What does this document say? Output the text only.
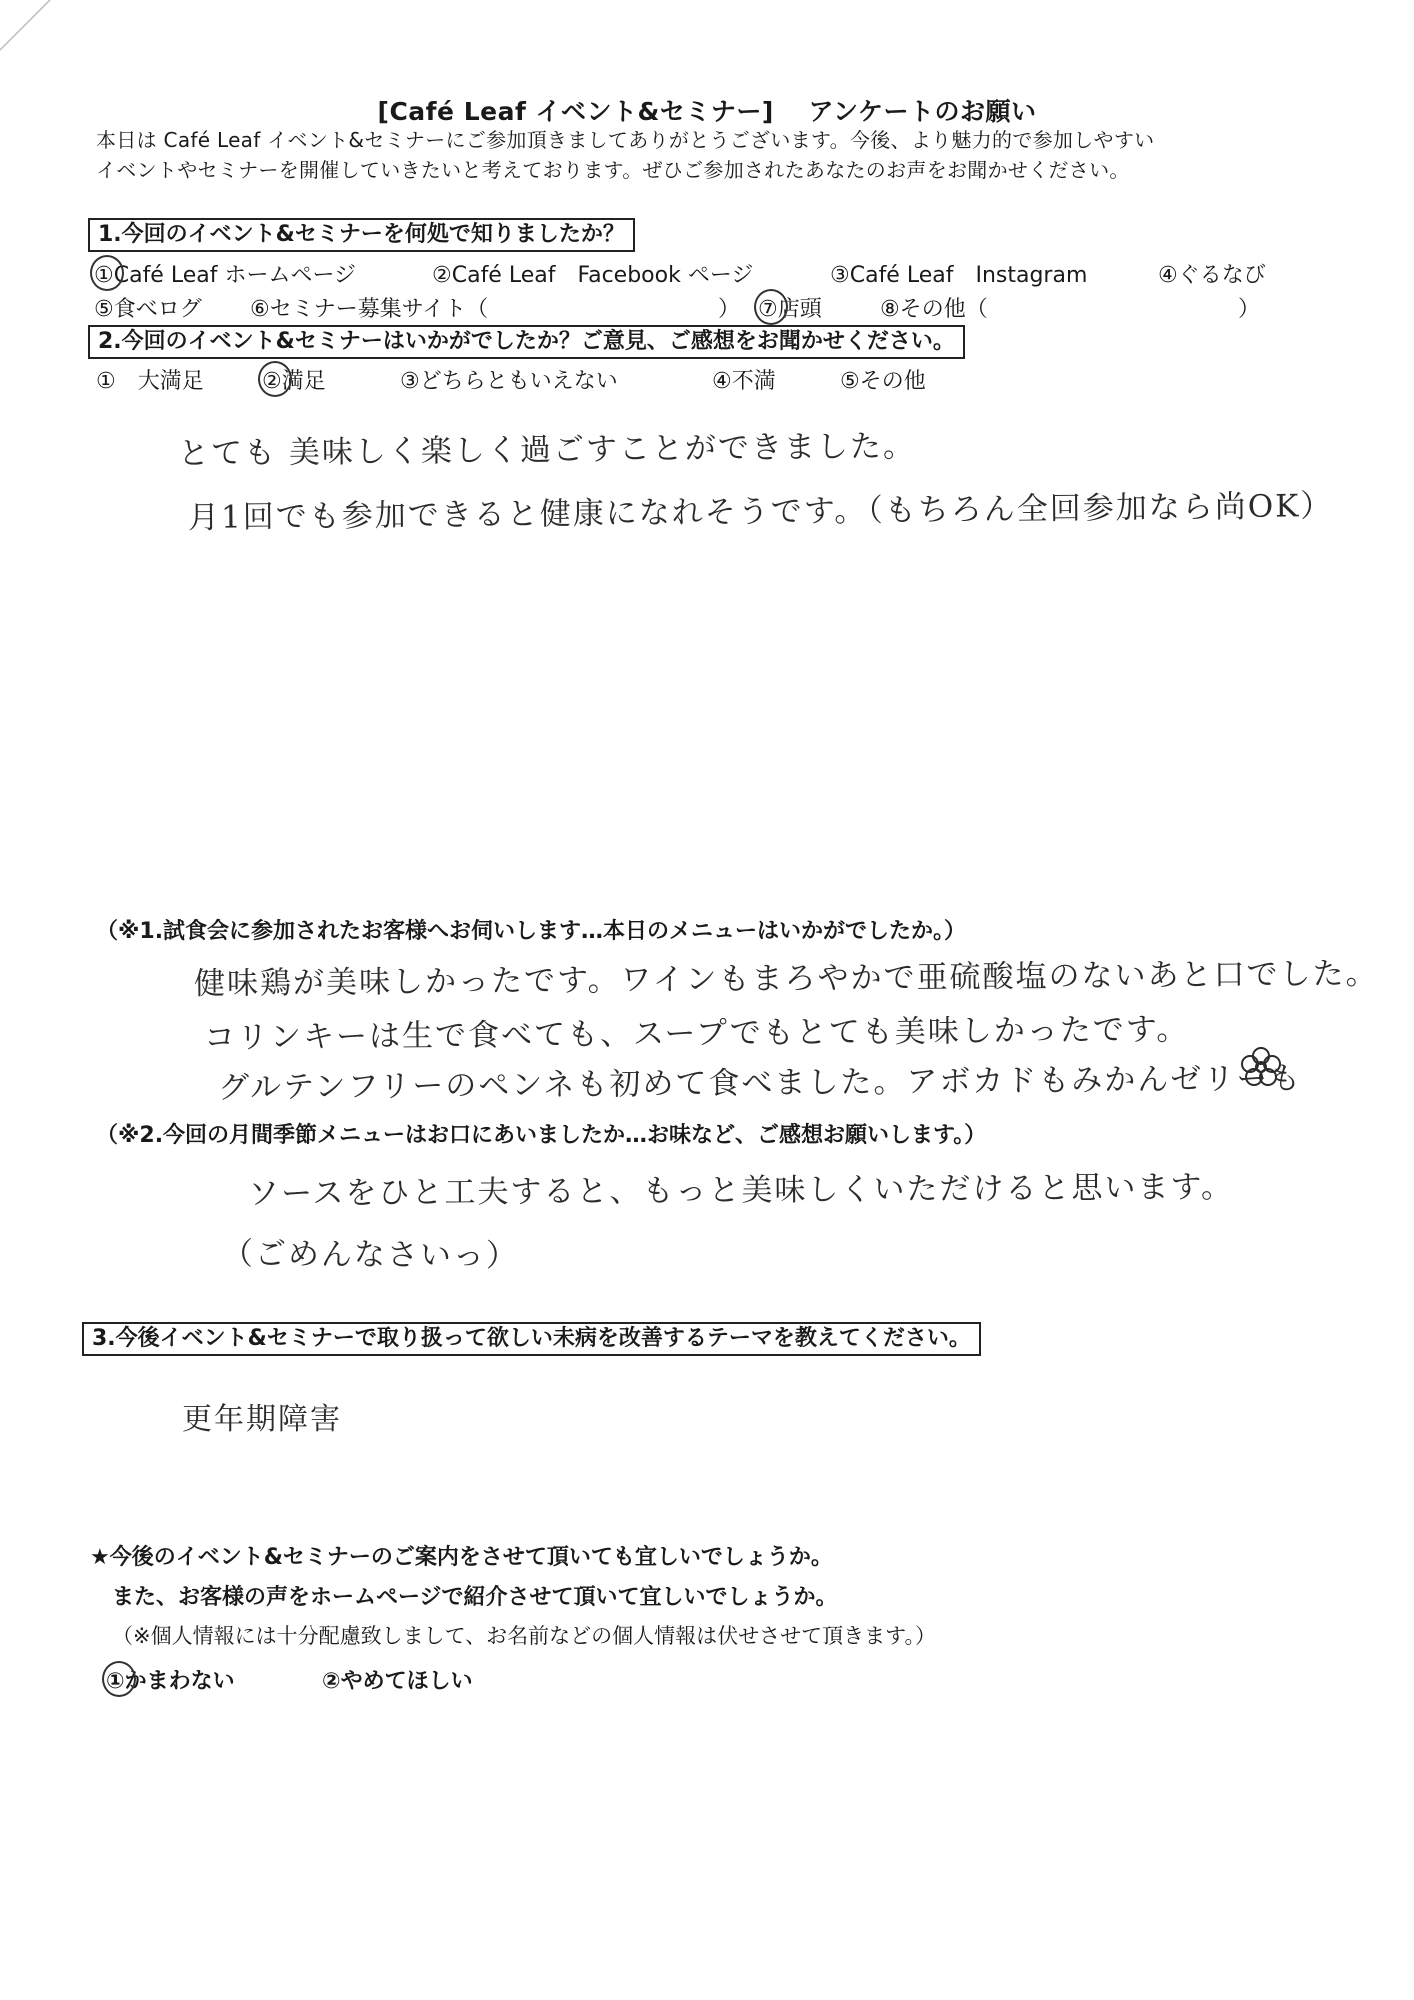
[Café Leaf イベント&セミナー]　 アンケートのお願い
本日は Café Leaf イベント&セミナーにご参加頂きましてありがとうございます。今後、より魅力的で参加しやすい
イベントやセミナーを開催していきたいと考えております。ぜひご参加されたあなたのお声をお聞かせください。
1.今回のイベント&セミナーを何処で知りましたか？
①Café Leaf ホームページ	②Café Leaf　Facebook ページ	③Café Leaf　Instagram	④ぐるなび
⑤食べログ ⑥セミナー募集サイト（	） ⑦店頭	⑧その他（	）
2.今回のイベント&セミナーはいかがでしたか？ご意見、ご感想をお聞かせください。
①　大満足	②満足	③どちらともいえない	④不満	⑤その他
とても 美味しく楽しく過ごすことができました。
月1回でも参加できると健康になれそうです。（もちろん全回参加なら尚OK）
（※1.試食会に参加されたお客様へお伺いします…本日のメニューはいかがでしたか。）
健味鶏が美味しかったです。ワインもまろやかで亜硫酸塩のないあと口でした。
コリンキーは生で食べても、スープでもとても美味しかったです。
グルテンフリーのペンネも初めて食べました。アボカドもみかんゼリーも
（※2.今回の月間季節メニューはお口にあいましたか…お味など、ご感想お願いします。）
ソースをひと工夫すると、もっと美味しくいただけると思います。
（ごめんなさいっ）
3.今後イベント&セミナーで取り扱って欲しい未病を改善するテーマを教えてください。
更年期障害
★今後のイベント&セミナーのご案内をさせて頂いても宜しいでしょうか。
また、お客様の声をホームページで紹介させて頂いて宜しいでしょうか。
（※個人情報には十分配慮致しまして、お名前などの個人情報は伏せさせて頂きます。）
①かまわない	②やめてほしい
